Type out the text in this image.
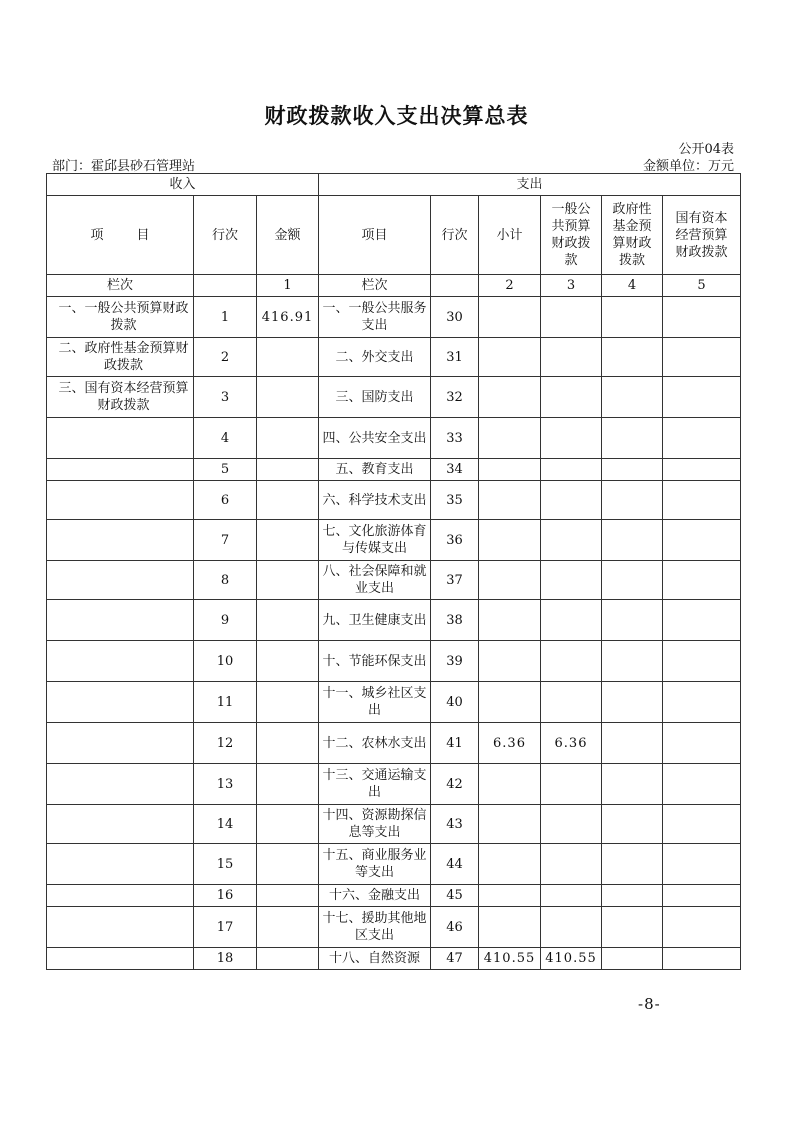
财政拨款收入支出决算总表
公开04表
部门：霍邱县砂石管理站	金额单位：万元
收入			支出					
项        目	行次	金额	项目	行次	小计	一般公共预算财政拨款	政府性基金预算财政拨款	国有资本经营预算财政拨款
栏次		1	栏次		2	3	4	5
一、一般公共预算财政拨款	1	416.91	一、一般公共服务支出	30				
二、政府性基金预算财政拨款	2		二、外交支出	31				
三、国有资本经营预算财政拨款	3		三、国防支出	32				
	4		四、公共安全支出	33				
	5		五、教育支出	34				
	6		六、科学技术支出	35				
	7		七、文化旅游体育与传媒支出	36				
	8		八、社会保障和就业支出	37				
	9		九、卫生健康支出	38				
	10		十、节能环保支出	39				
	11		十一、城乡社区支出	40				
	12		十二、农林水支出	41	6.36	6.36		
	13		十三、交通运输支出	42				
	14		十四、资源勘探信息等支出	43				
	15		十五、商业服务业等支出	44				
	16		十六、金融支出	45				
	17		十七、援助其他地区支出	46				
	18		十八、自然资源	47	410.55	410.55		
-8-
